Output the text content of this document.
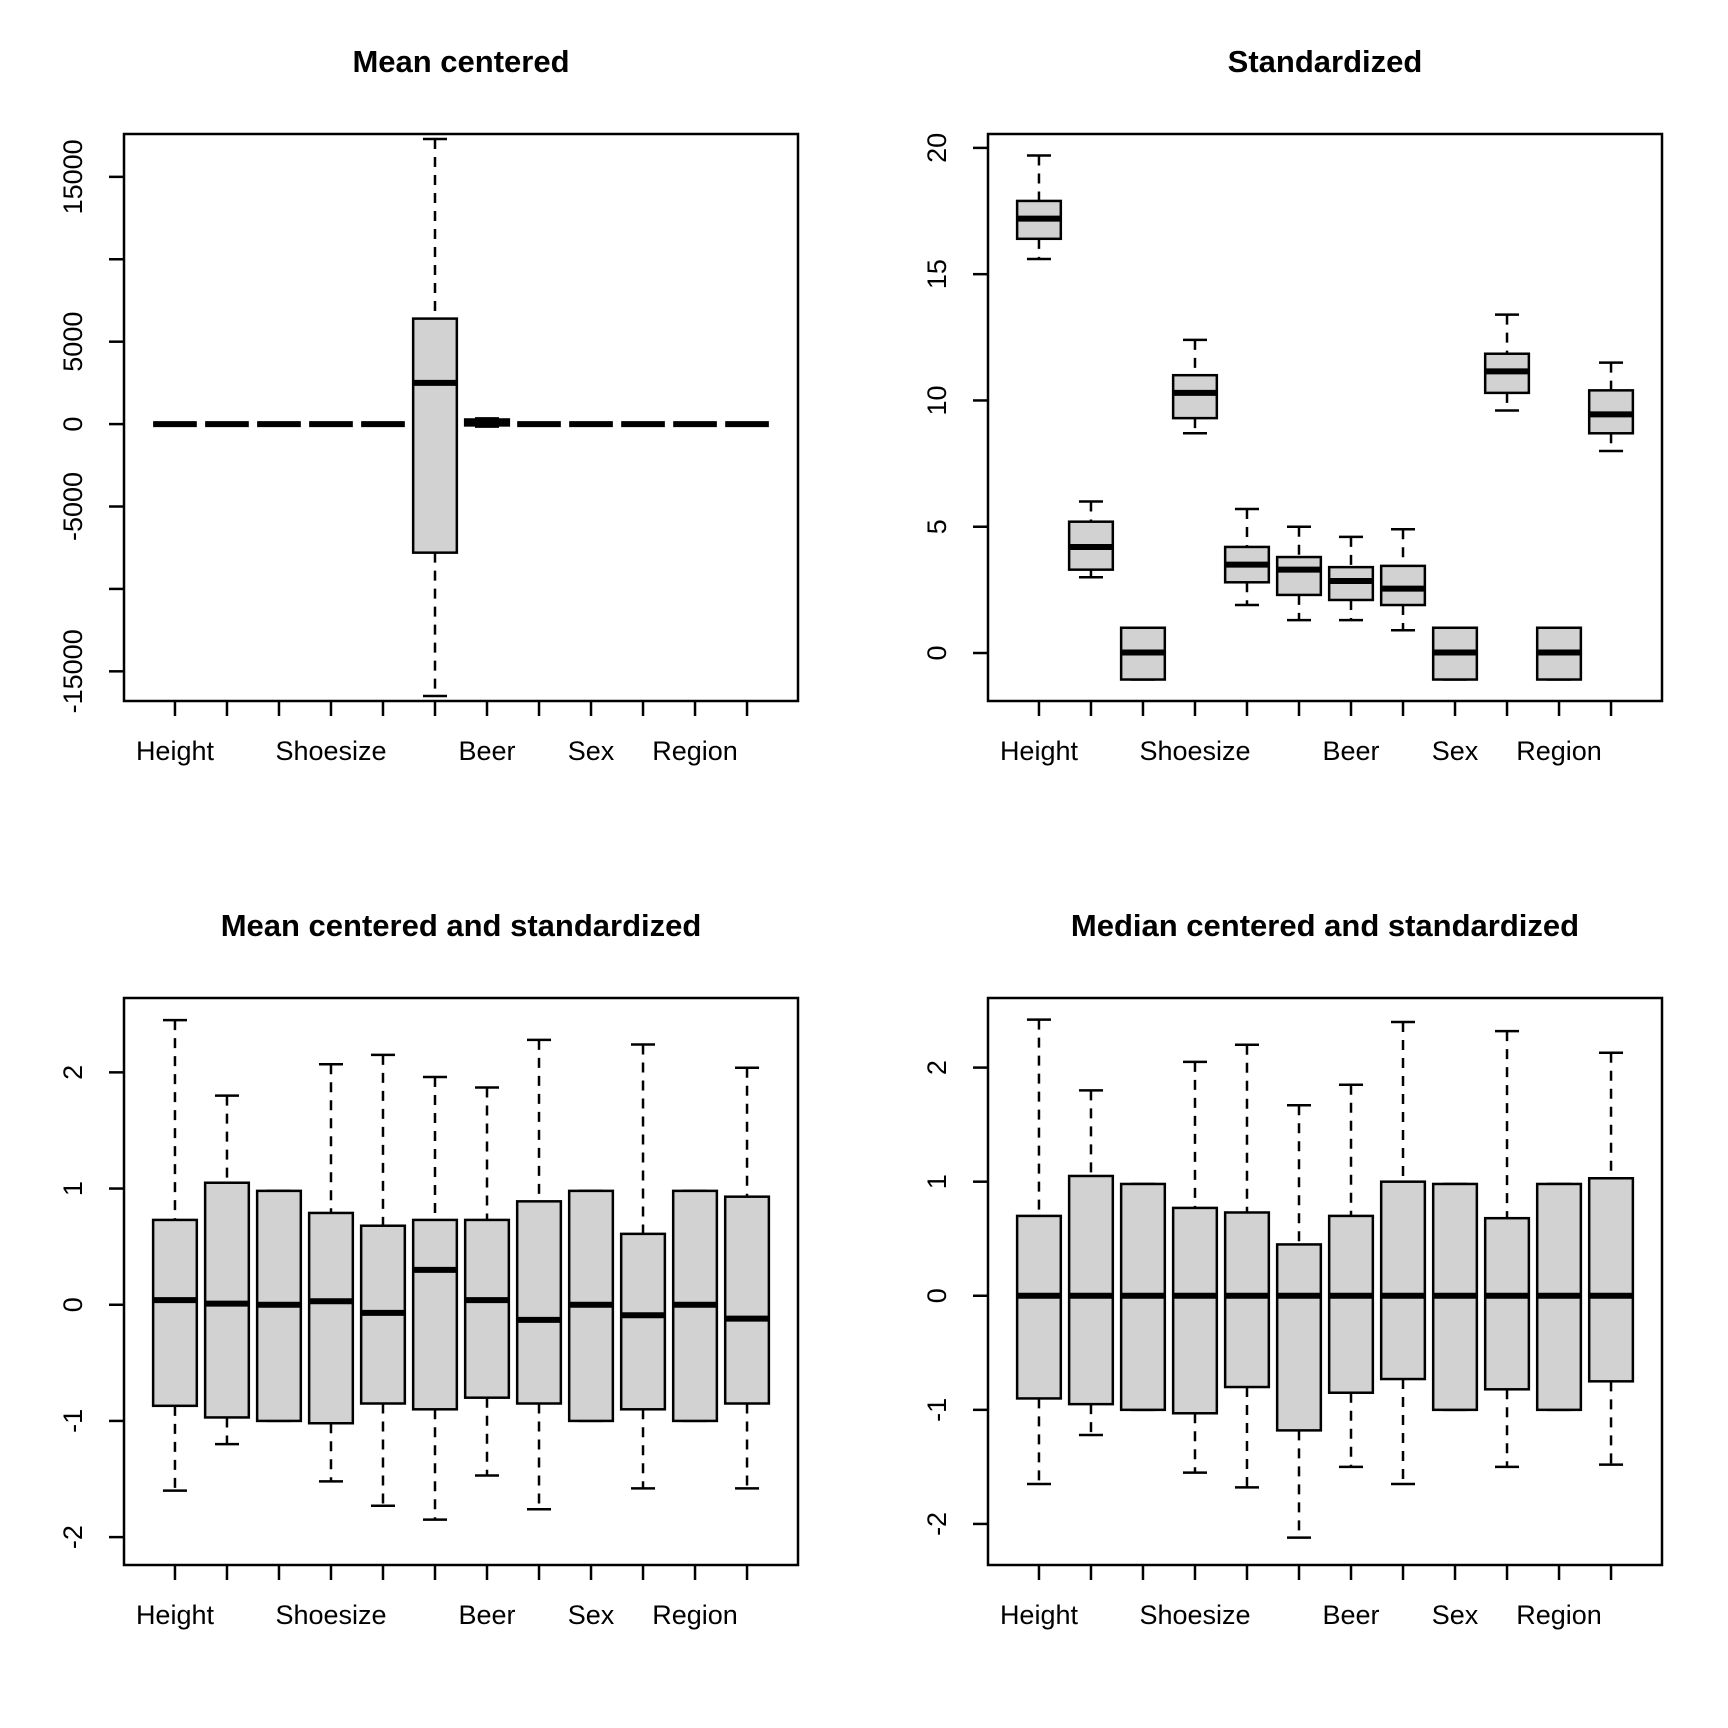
Mean centered
-15000
-5000
0
5000
15000
Height Shoesize	Beer Sex Region
Standardized
0
5
10
15
20
Height Shoesize	Beer Sex Region
Mean centered and standardized
-2
-1
0
1
2
Height Shoesize	Beer Sex Region
Median centered and standardized
-2
-1
0
1
2
Height Shoesize	Beer Sex Region
